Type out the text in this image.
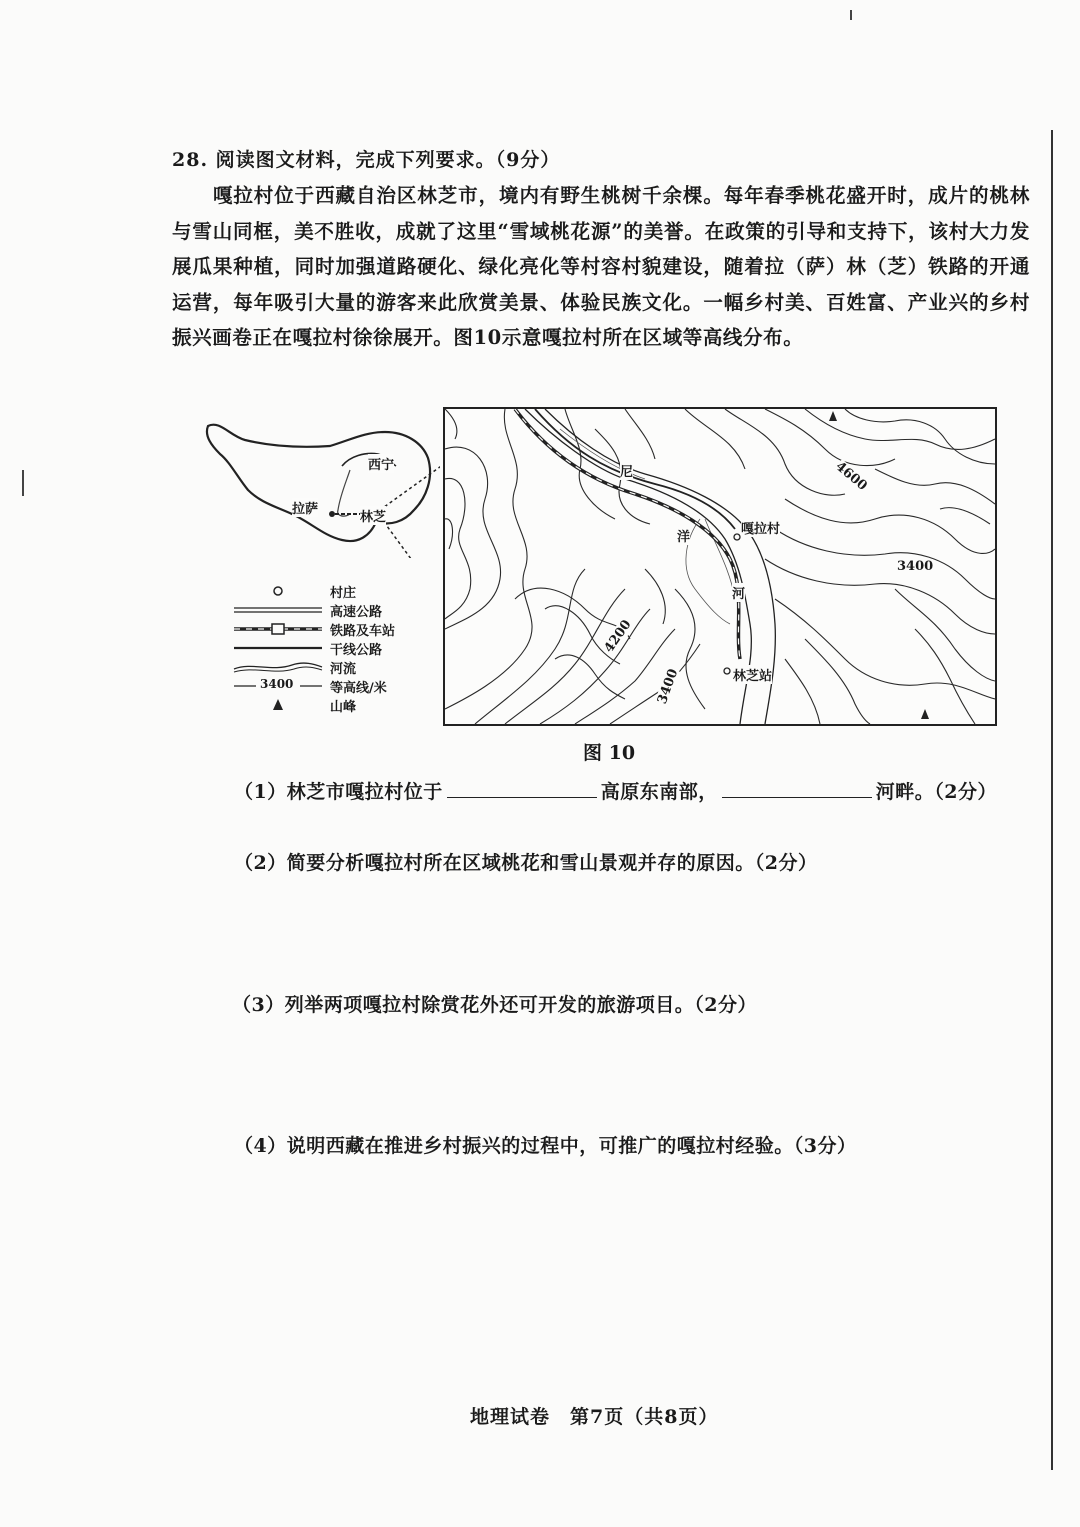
28. 阅读图文材料，完成下列要求。（9分）
嘎拉村位于西藏自治区林芝市，境内有野生桃树千余棵。每年春季桃花盛开时，成片的桃林与雪山同框，美不胜收，成就了这里“雪域桃花源”的美誉。在政策的引导和支持下，该村大力发展瓜果种植，同时加强道路硬化、绿化亮化等村容村貌建设，随着拉（萨）林（芝）铁路的开通运营，每年吸引大量的游客来此欣赏美景、体验民族文化。一幅乡村美、百姓富、产业兴的乡村振兴画卷正在嘎拉村徐徐展开。图10示意嘎拉村所在区域等高线分布。
西宁
拉萨
林芝
村庄
高速公路
铁路及车站
干线公路
河流
3400	等高线/米
山峰
尼
洋
河
嘎拉村
林芝站
4600
3400
4200
3400
图 10
（1）林芝市嘎拉村位于	高原东南部，	河畔。（2分）
（2）简要分析嘎拉村所在区域桃花和雪山景观并存的原因。（2分）
（3）列举两项嘎拉村除赏花外还可开发的旅游项目。（2分）
（4）说明西藏在推进乡村振兴的过程中，可推广的嘎拉村经验。（3分）
地理试卷　第7页（共8页）
